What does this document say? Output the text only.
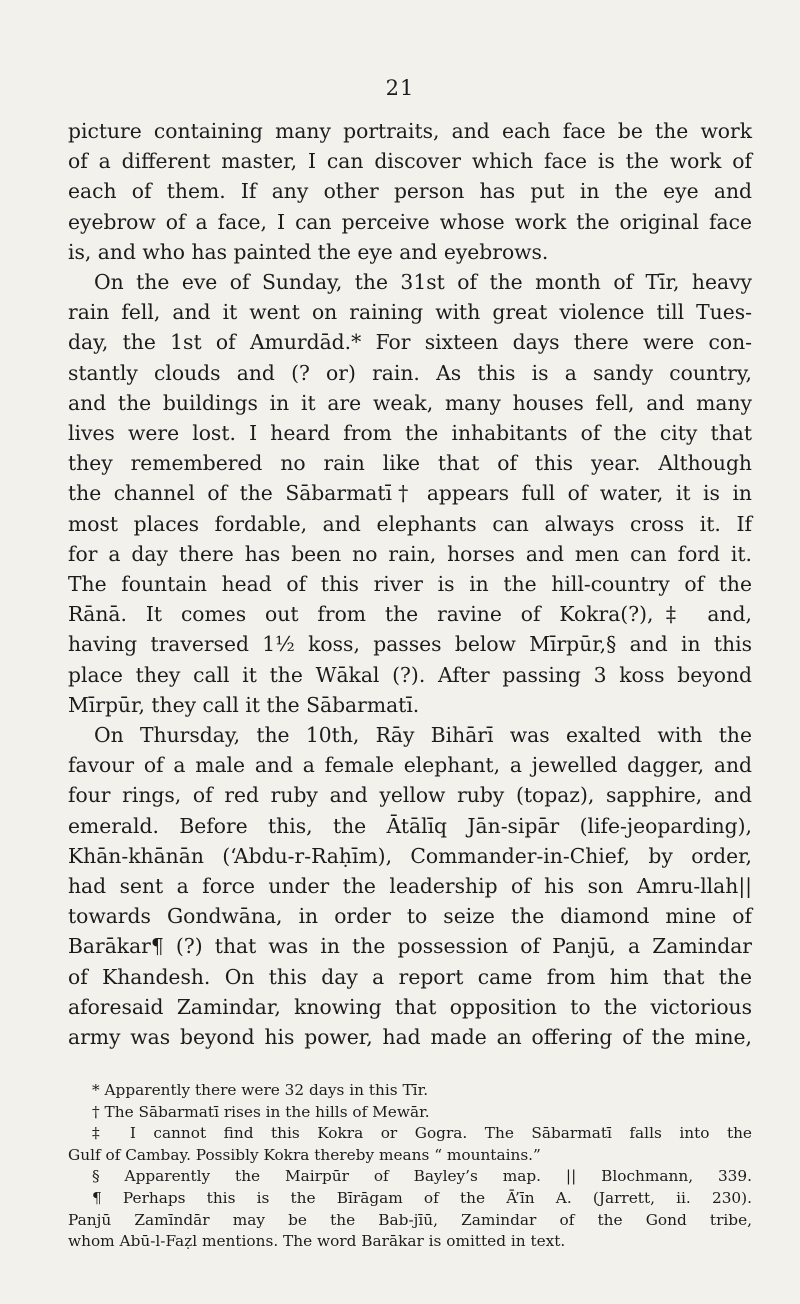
21
picture containing many portraits, and each face be the work
of a different master, I can discover which face is the work of
each of them. If any other person has put in the eye and
eyebrow of a face, I can perceive whose work the original face
is, and who has painted the eye and eyebrows.
On the eve of Sunday, the 31st of the month of Tīr, heavy
rain fell, and it went on raining with great violence till Tues-
day, the 1st of Amurdād.* For sixteen days there were con-
stantly clouds and (? or) rain. As this is a sandy country,
and the buildings in it are weak, many houses fell, and many
lives were lost. I heard from the inhabitants of the city that
they remembered no rain like that of this year. Although
the channel of the Sābarmatī† appears full of water, it is in
most places fordable, and elephants can always cross it. If
for a day there has been no rain, horses and men can ford it.
The fountain head of this river is in the hill-country of the
Rānā. It comes out from the ravine of Kokra(?),‡ and,
having traversed 1½ koss, passes below Mīrpūr,§ and in this
place they call it the Wākal (?). After passing 3 koss beyond
Mīrpūr, they call it the Sābarmatī.
On Thursday, the 10th, Rāy Bihārī was exalted with the
favour of a male and a female elephant, a jewelled dagger, and
four rings, of red ruby and yellow ruby (topaz), sapphire, and
emerald. Before this, the Ātālīq Jān-sipār (life-jeoparding),
Khān-khānān (ʻAbdu-r-Raḥīm), Commander-in-Chief, by order,
had sent a force under the leadership of his son Amru-llah||
towards Gondwāna, in order to seize the diamond mine of
Barākar¶ (?) that was in the possession of Panjū, a Zamindar
of Khandesh. On this day a report came from him that the
aforesaid Zamindar, knowing that opposition to the victorious
army was beyond his power, had made an offering of the mine,
* Apparently there were 32 days in this Tīr.
† The Sābarmatī rises in the hills of Mewār.
‡ I cannot find this Kokra or Gogra. The Sābarmatī falls into the
Gulf of Cambay. Possibly Kokra thereby means “ mountains.”
§ Apparently the Mairpūr of Bayley’s map. || Blochmann, 339.
¶ Perhaps this is the Bīrāgam of the Ā’īn A. (Jarrett, ii. 230).
Panjū Zamīndār may be the Bab-jīū, Zamindar of the Gond tribe,
whom Abū-l-Faẓl mentions. The word Barākar is omitted in text.
